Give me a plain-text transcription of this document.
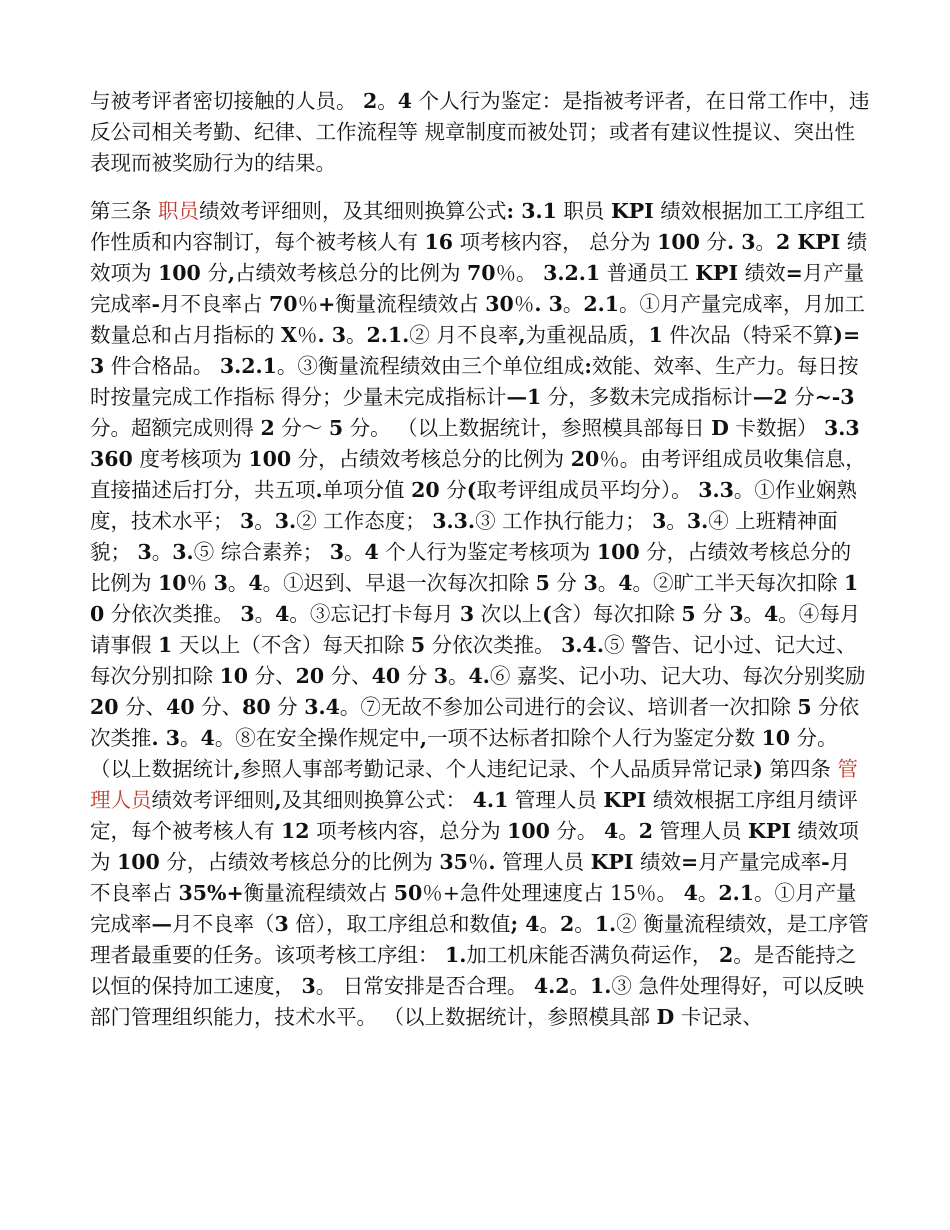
与被考评者密切接触的人员。 2。4 个人行为鉴定：是指被考评者，在日常工作中，违反公司相关考勤、纪律、工作流程等 规章制度而被处罚；或者有建议性提议、突出性表现而被奖励行为的结果。
第三条 职员绩效考评细则，及其细则换算公式: 3.1 职员 KPI 绩效根据加工工序组工作性质和内容制订，每个被考核人有 16 项考核内容， 总分为 100 分. 3。2 KPI 绩效项为 100 分,占绩效考核总分的比例为 70％。 3.2.1 普通员工 KPI 绩效=月产量完成率-月不良率占 70％+衡量流程绩效占 30％. 3。2.1。①月产量完成率，月加工数量总和占月指标的 X％. 3。2.1.② 月不良率,为重视品质，1 件次品（特采不算)=3 件合格品。 3.2.1。③衡量流程绩效由三个单位组成:效能、效率、生产力。每日按时按量完成工作指标 得分；少量未完成指标计—1 分，多数未完成指标计—2 分~-3 分。超额完成则得 2 分～ 5 分。 （以上数据统计，参照模具部每日 D 卡数据） 3.3 360 度考核项为 100 分，占绩效考核总分的比例为 20％。由考评组成员收集信息，直接描述后打分，共五项.单项分值 20 分(取考评组成员平均分）。 3.3。①作业娴熟度，技术水平； 3。3.② 工作态度； 3.3.③ 工作执行能力； 3。3.④ 上班精神面貌； 3。3.⑤ 综合素养； 3。4 个人行为鉴定考核项为 100 分，占绩效考核总分的比例为 10％ 3。4。①迟到、早退一次每次扣除 5 分 3。4。②旷工半天每次扣除 10 分依次类推。 3。4。③忘记打卡每月 3 次以上(含）每次扣除 5 分 3。4。④每月请事假 1 天以上（不含）每天扣除 5 分依次类推。 3.4.⑤ 警告、记小过、记大过、每次分别扣除 10 分、20 分、40 分 3。4.⑥ 嘉奖、记小功、记大功、每次分别奖励 20 分、40 分、80 分 3.4。⑦无故不参加公司进行的会议、培训者一次扣除 5 分依次类推. 3。4。⑧在安全操作规定中,一项不达标者扣除个人行为鉴定分数 10 分。 （以上数据统计,参照人事部考勤记录、个人违纪记录、个人品质异常记录) 第四条 管理人员绩效考评细则,及其细则换算公式： 4.1 管理人员 KPI 绩效根据工序组月绩评定，每个被考核人有 12 项考核内容，总分为 100 分。 4。2 管理人员 KPI 绩效项为 100 分，占绩效考核总分的比例为 35％. 管理人员 KPI 绩效=月产量完成率-月不良率占 35%+衡量流程绩效占 50％+急件处理速度占 15％。 4。2.1。①月产量完成率—月不良率（3 倍），取工序组总和数值; 4。2。1.② 衡量流程绩效，是工序管理者最重要的任务。该项考核工序组： 1.加工机床能否满负荷运作， 2。是否能持之以恒的保持加工速度， 3。 日常安排是否合理。 4.2。1.③ 急件处理得好，可以反映部门管理组织能力，技术水平。 （以上数据统计，参照模具部 D 卡记录、
